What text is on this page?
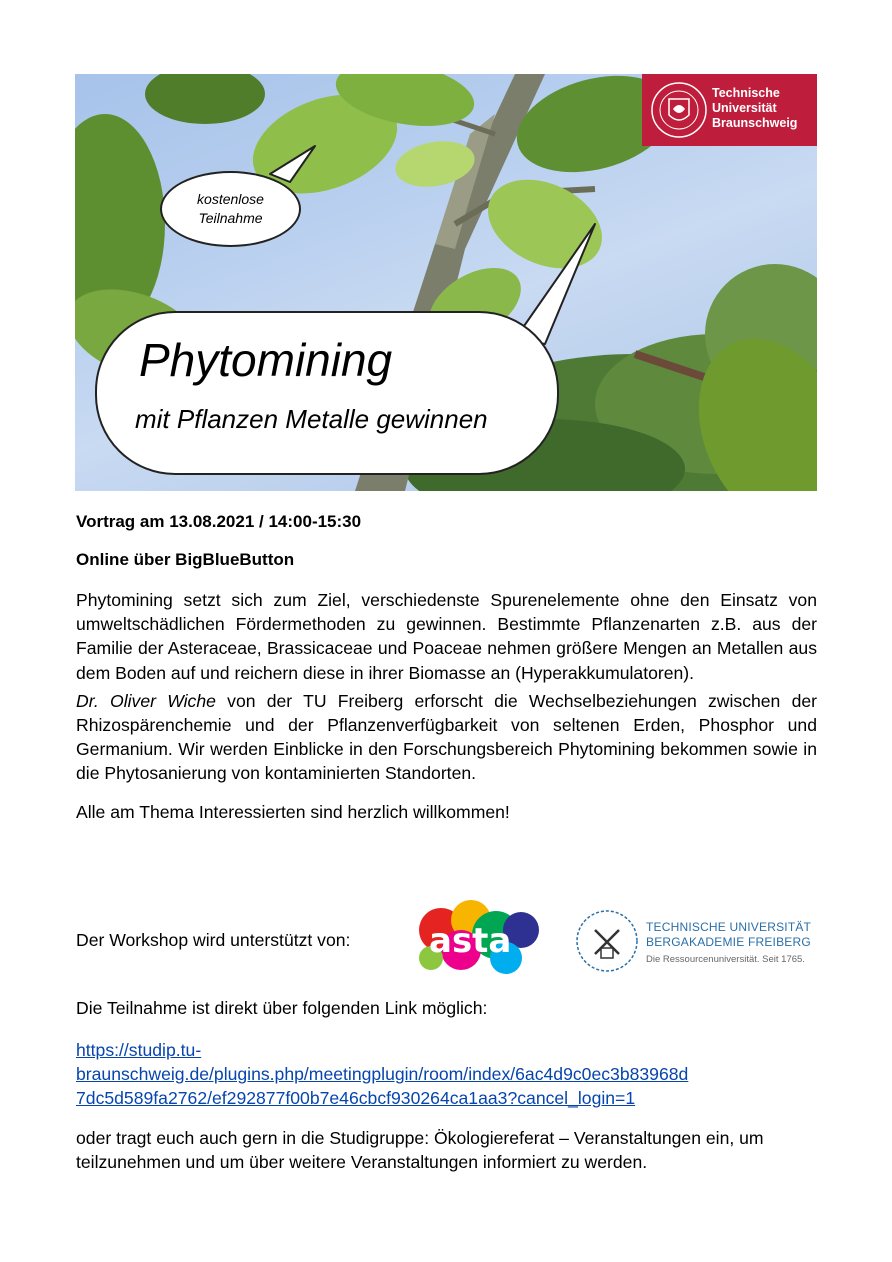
Technische
Universität
Braunschweig
kostenlose
Teilnahme
Phytomining
mit Pflanzen Metalle gewinnen
Vortrag am 13.08.2021 / 14:00-15:30
Online über BigBlueButton

Phytomining setzt sich zum Ziel, verschiedenste Spurenelemente ohne den Einsatz von umweltschädlichen Fördermethoden zu gewinnen. Bestimmte Pflanzenarten z.B. aus der Familie der Asteraceae, Brassicaceae und Poaceae nehmen größere Mengen an Metallen aus dem Boden auf und reichern diese in ihrer Biomasse an (Hyperakkumulatoren).

Dr. Oliver Wiche von der TU Freiberg erforscht die Wechselbeziehungen zwischen der Rhizospärenchemie und der Pflanzenverfügbarkeit von seltenen Erden, Phosphor und Germanium. Wir werden Einblicke in den Forschungsbereich Phytomining bekommen sowie in die Phytosanierung von kontaminierten Standorten.

Alle am Thema Interessierten sind herzlich willkommen!

Der Workshop wird unterstützt von: asta	TECHNISCHE UNIVERSITÄT
BERGAKADEMIE FREIBERG
Die Ressourcenuniversität. Seit 1765.
Die Teilnahme ist direkt über folgenden Link möglich:
https://studip.tu-
braunschweig.de/plugins.php/meetingplugin/room/index/6ac4d9c0ec3b83968d
7dc5d589fa2762/ef292877f00b7e46cbcf930264ca1aa3?cancel_login=1
oder tragt euch auch gern in die Studigruppe: Ökologiereferat – Veranstaltungen ein, um teilzunehmen und um über weitere Veranstaltungen informiert zu werden.
